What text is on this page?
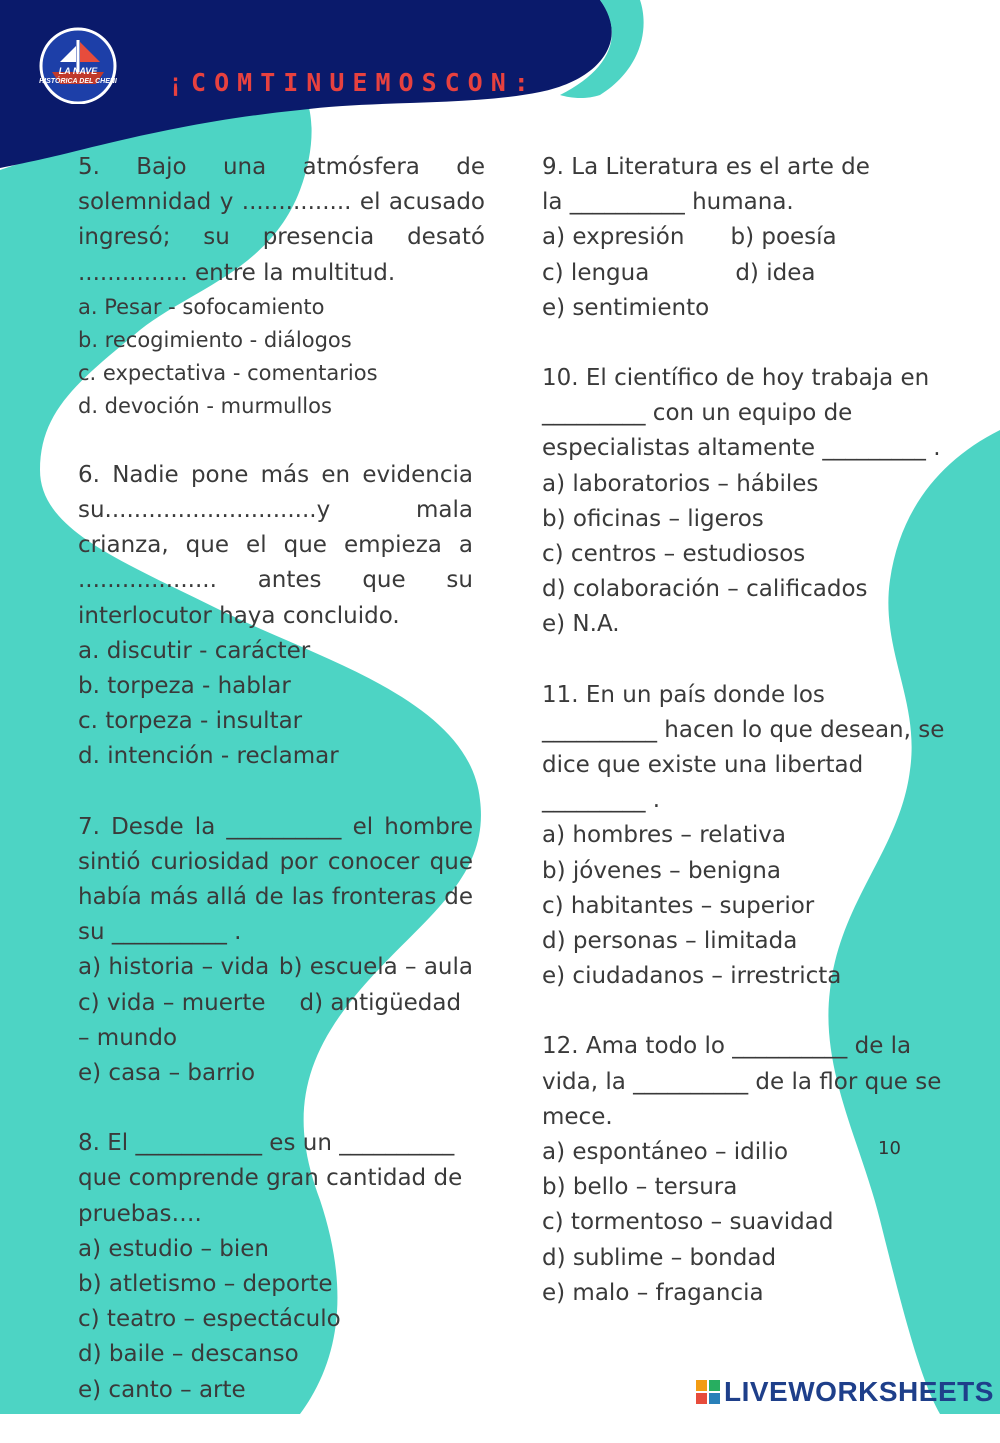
LA NAVE
HISTÓRICA DEL CHENI	¡COMTINUEMOSCON:

5. Bajo una atmósfera de solemnidad y ............... el acusado ingresó; su presencia desató ............... entre la multitud.

a. Pesar - sofocamiento
b. recogimiento - diálogos
c. expectativa - comentarios
d. devoción - murmullos

6. Nadie pone más en evidencia su.............................y mala crianza, que el que empieza a ................... antes que su interlocutor haya concluido.

a. discutir - carácter
b. torpeza - hablar
c. torpeza - insultar
d. intención - reclamar

7. Desde la __________ el hombre sintió curiosidad por conocer que había más allá de las fronteras de su __________ .

a) historia – vida b) escuela – aula
c) vida – muerte d) antigüedad – mundo
e) casa – barrio

8. El ___________ es un __________ que comprende gran cantidad de pruebas….

a) estudio – bien
b) atletismo – deporte
c) teatro – espectáculo
d) baile – descanso
e) canto – arte

9. La Literatura es el arte de la __________ humana.

a) expresión b) poesía
c) lengua	d) idea
e) sentimiento

10. El científico de hoy trabaja en _________ con un equipo de especialistas altamente _________ .

a) laboratorios – hábiles
b) oficinas – ligeros
c) centros – estudiosos
d) colaboración – calificados
e) N.A.

11. En un país donde los __________ hacen lo que desean, se dice que existe una libertad _________ .

a) hombres – relativa
b) jóvenes – benigna
c) habitantes – superior
d) personas – limitada
e) ciudadanos – irrestricta

12. Ama todo lo __________ de la vida, la __________ de la flor que se mece.

a) espontáneo – idilio
b) bello – tersura
c) tormentoso – suavidad
d) sublime – bondad
e) malo – fragancia
10
LIVEWORKSHEETS
